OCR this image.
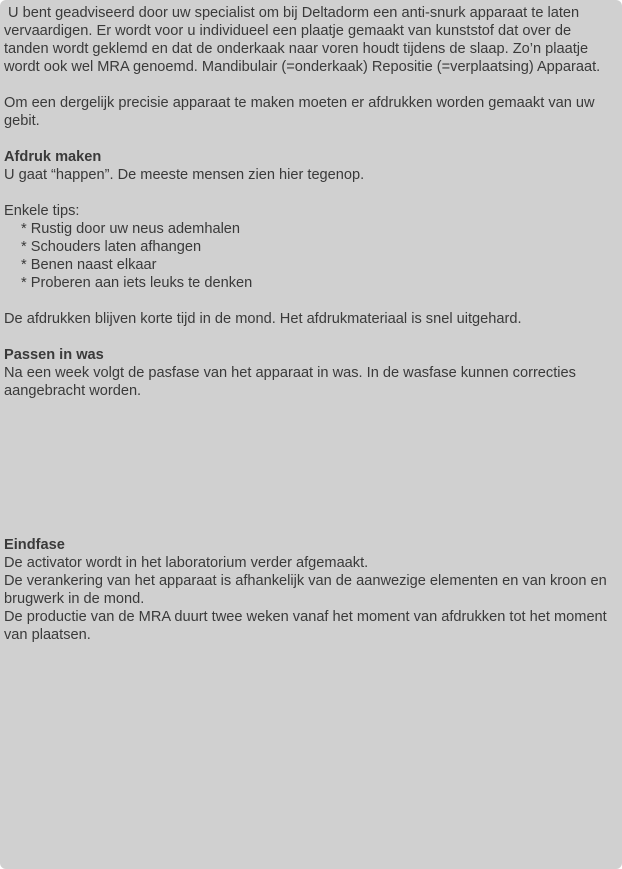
U bent geadviseerd door uw specialist om bij Deltadorm een anti-snurk apparaat te laten vervaardigen. Er wordt voor u individueel een plaatje gemaakt van kunststof dat over de tanden wordt geklemd en dat de onderkaak naar voren houdt tijdens de slaap. Zo’n plaatje wordt ook wel MRA genoemd. Mandibulair (=onderkaak) Repositie (=verplaatsing) Apparaat.

Om een dergelijk precisie apparaat te maken moeten er afdrukken worden gemaakt van uw gebit.

Afdruk maken

U gaat “happen”. De meeste mensen zien hier tegenop.

Enkele tips:

* Rustig door uw neus ademhalen

* Schouders laten afhangen

* Benen naast elkaar

* Proberen aan iets leuks te denken

De afdrukken blijven korte tijd in de mond. Het afdrukmateriaal is snel uitgehard.

Passen in was

Na een week volgt de pasfase van het apparaat in was. In de wasfase kunnen correcties aangebracht worden.

Eindfase

De activator wordt in het laboratorium verder afgemaakt.

De verankering van het apparaat is afhankelijk van de aanwezige elementen en van kroon en brugwerk in de mond.

De productie van de MRA duurt twee weken vanaf het moment van afdrukken tot het moment van plaatsen.
